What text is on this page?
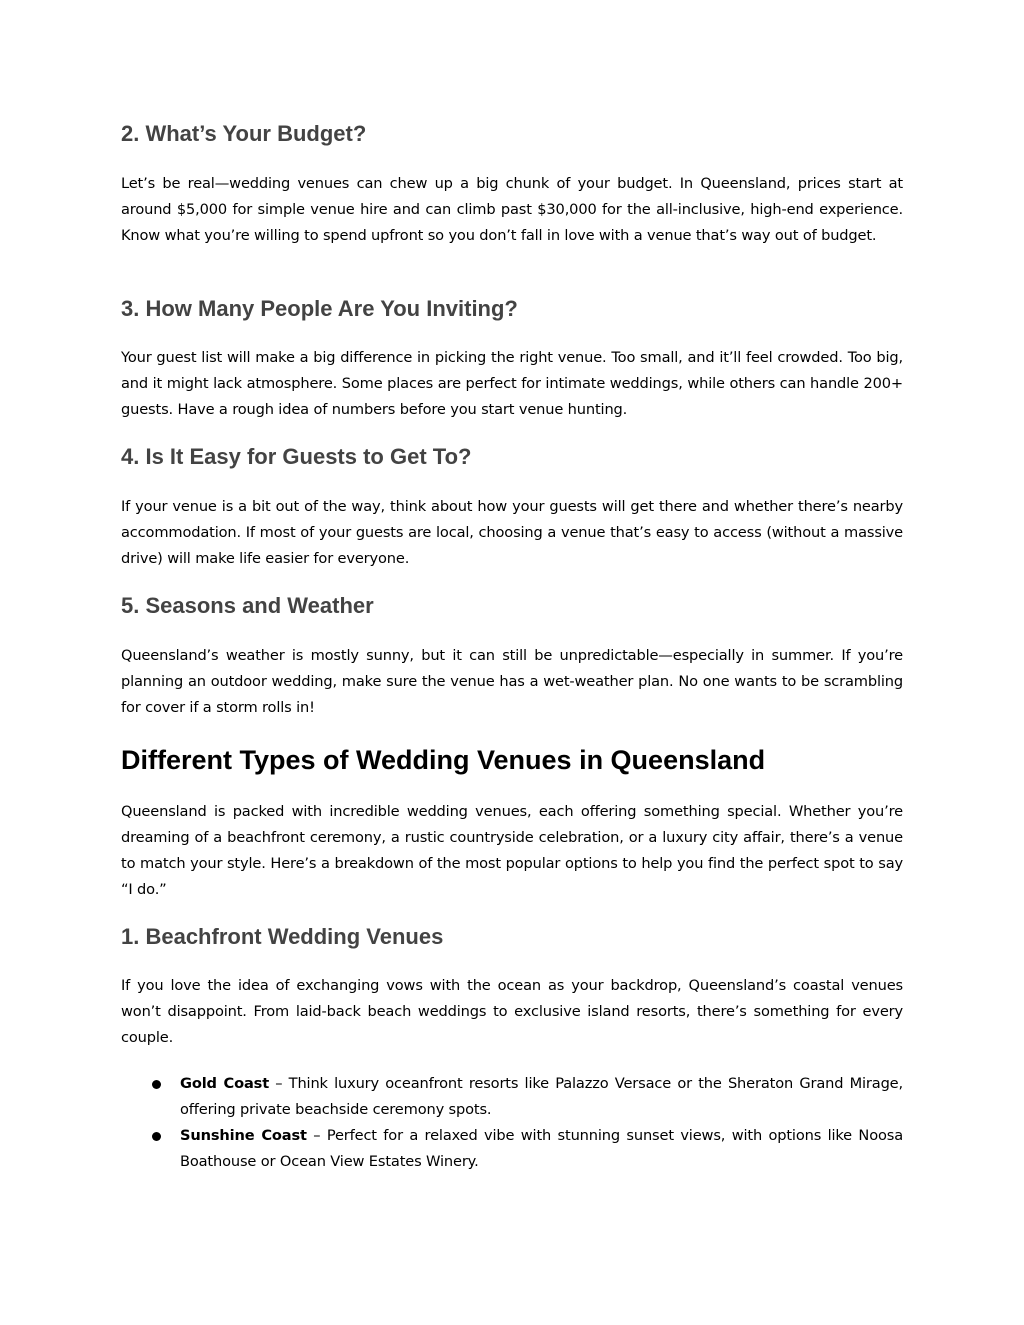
2. What’s Your Budget?

Let’s be real—wedding venues can chew up a big chunk of your budget. In Queensland, prices start at around $5,000 for simple venue hire and can climb past $30,000 for the all-inclusive, high-end experience. Know what you’re willing to spend upfront so you don’t fall in love with a venue that’s way out of budget.

3. How Many People Are You Inviting?

Your guest list will make a big difference in picking the right venue. Too small, and it’ll feel crowded. Too big, and it might lack atmosphere. Some places are perfect for intimate weddings, while others can handle 200+ guests. Have a rough idea of numbers before you start venue hunting.

4. Is It Easy for Guests to Get To?

If your venue is a bit out of the way, think about how your guests will get there and whether there’s nearby accommodation. If most of your guests are local, choosing a venue that’s easy to access (without a massive drive) will make life easier for everyone.

5. Seasons and Weather

Queensland’s weather is mostly sunny, but it can still be unpredictable—especially in summer. If you’re planning an outdoor wedding, make sure the venue has a wet-weather plan. No one wants to be scrambling for cover if a storm rolls in!

Different Types of Wedding Venues in Queensland

Queensland is packed with incredible wedding venues, each offering something special. Whether you’re dreaming of a beachfront ceremony, a rustic countryside celebration, or a luxury city affair, there’s a venue to match your style. Here’s a breakdown of the most popular options to help you find the perfect spot to say “I do.”

1. Beachfront Wedding Venues

If you love the idea of exchanging vows with the ocean as your backdrop, Queensland’s coastal venues won’t disappoint. From laid-back beach weddings to exclusive island resorts, there’s something for every couple.

Gold Coast – Think luxury oceanfront resorts like Palazzo Versace or the Sheraton Grand Mirage, offering private beachside ceremony spots.
Sunshine Coast – Perfect for a relaxed vibe with stunning sunset views, with options like Noosa Boathouse or Ocean View Estates Winery.
